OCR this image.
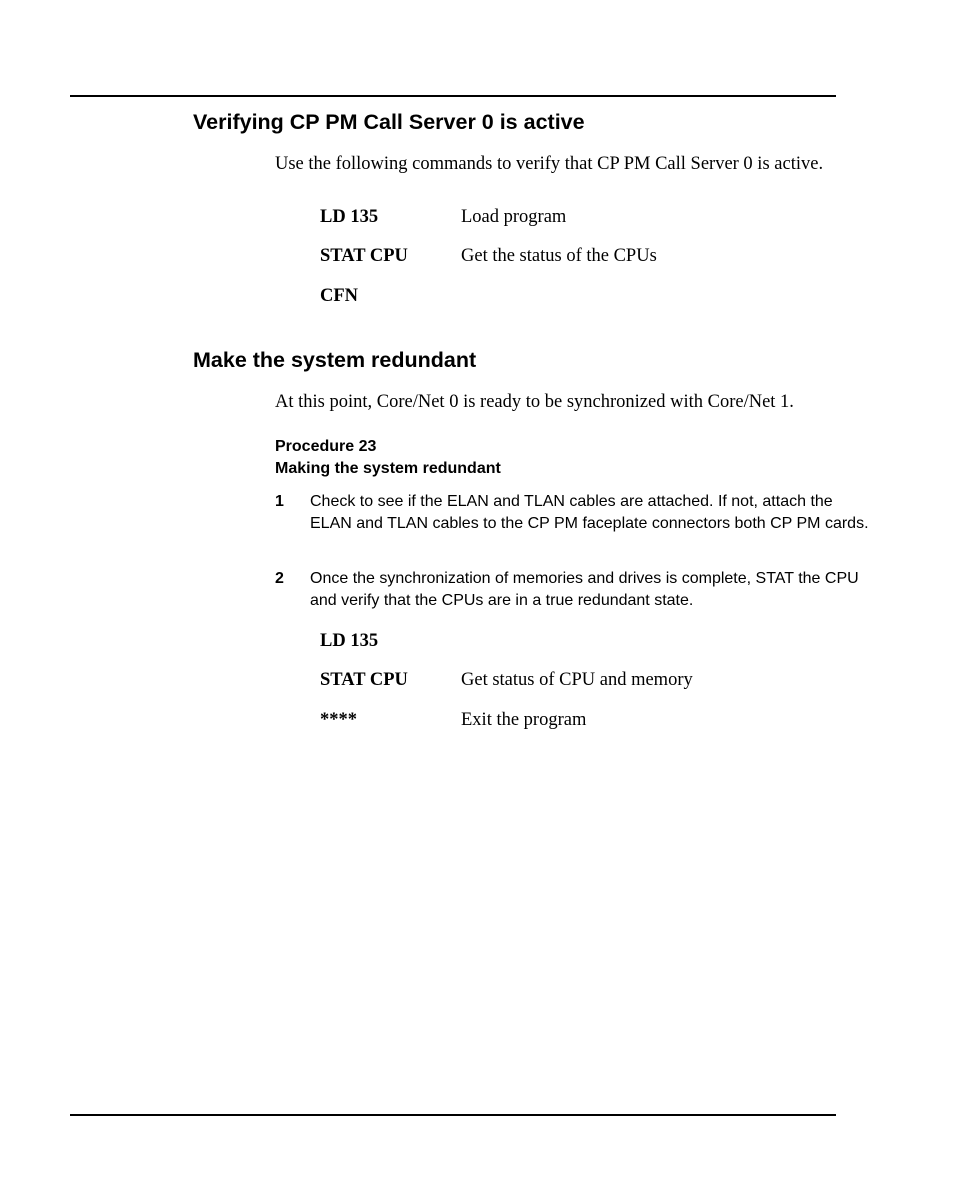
Verifying CP PM Call Server 0 is active
Use the following commands to verify that CP PM Call Server 0 is active.
LD 135	Load program
STAT CPU	Get the status of the CPUs
CFN
Make the system redundant
At this point, Core/Net 0 is ready to be synchronized with Core/Net 1.
Procedure 23
Making the system redundant
1 Check to see if the ELAN and TLAN cables are attached. If not, attach the ELAN and TLAN cables to the CP PM faceplate connectors both CP PM cards.
2 Once the synchronization of memories and drives is complete, STAT the CPU and verify that the CPUs are in a true redundant state.
LD 135
STAT CPU	Get status of CPU and memory
****	Exit the program
